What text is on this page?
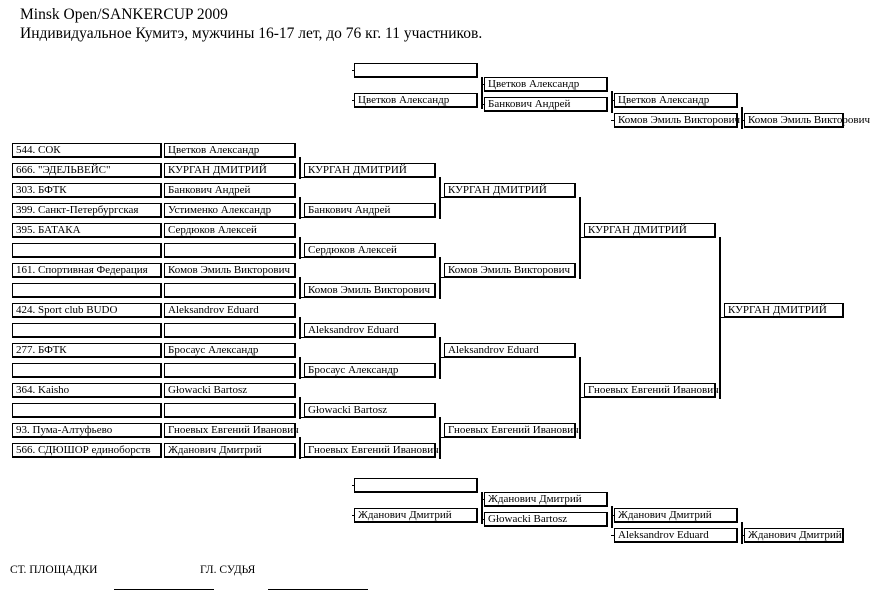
Minsk Open/SANKERCUP 2009
Индивидуальное Кумитэ, мужчины 16-17 лет, до 76 кг. 11 участников.
544. СОК	Цветков Александр
666. "ЭДЕЛЬВЕЙС"	КУРГАН ДМИТРИЙ
303. БФТК	Банкович Андрей
399. Санкт-Петербургская	Устименко Александр
395. БАТАКА	Сердюков Алексей
161. Спортивная Федерация	Комов Эмиль Викторович
424. Sport club BUDO	Aleksandrov Eduard
277. БФТК	Бросаус Александр
364. Kaisho	Głowacki Bartosz
93. Пума-Алтуфьево	Гноевых Евгений Иванович
566. СДЮШОР единоборств	Жданович Дмитрий
КУРГАН ДМИТРИЙ
Банкович Андрей
Сердюков Алексей
Комов Эмиль Викторович
Aleksandrov Eduard
Бросаус Александр
Głowacki Bartosz
Гноевых Евгений Иванович
КУРГАН ДМИТРИЙ
Комов Эмиль Викторович
Aleksandrov Eduard
Гноевых Евгений Иванович
КУРГАН ДМИТРИЙ
Гноевых Евгений Иванович
КУРГАН ДМИТРИЙ
Цветков Александр
Цветков Александр
Банкович Андрей	Цветков Александр
Комов Эмиль Викторович Комов Эмиль Викторович
Жданович Дмитрий
Жданович Дмитрий
Głowacki Bartosz	Жданович Дмитрий
Aleksandrov Eduard	Жданович Дмитрий
СТ. ПЛОЩАДКИ	ГЛ. СУДЬЯ
